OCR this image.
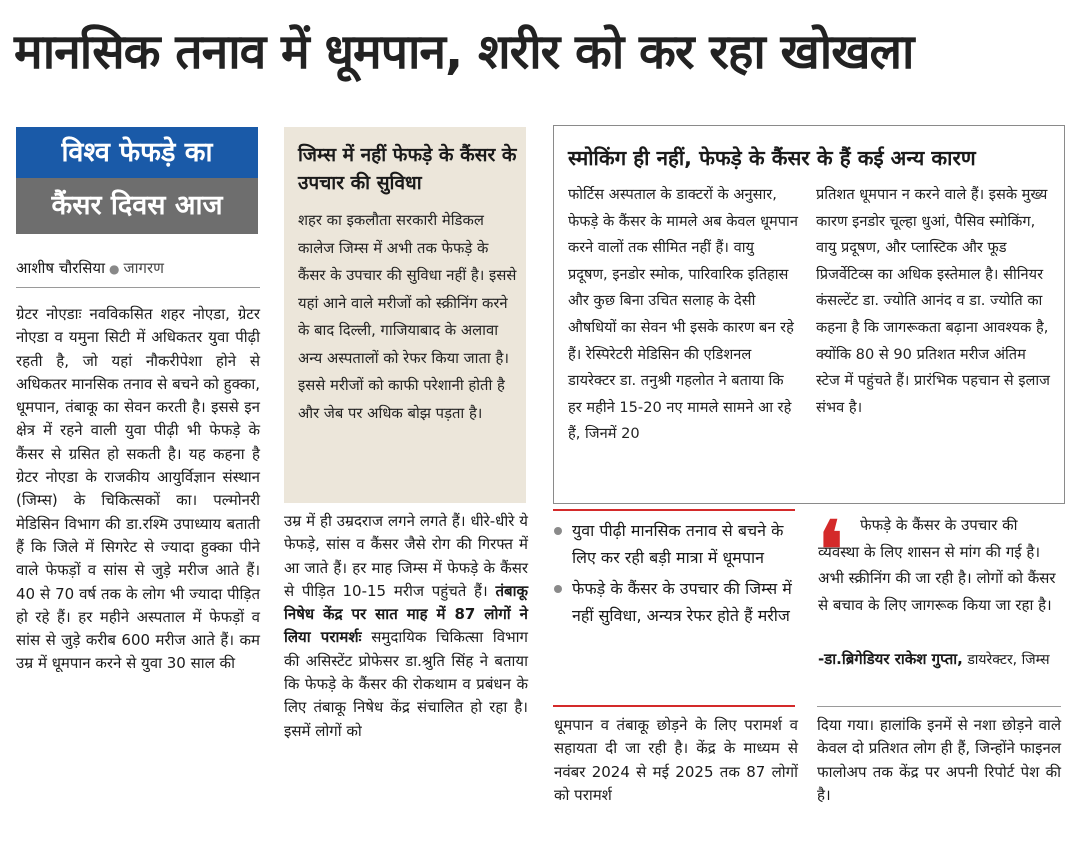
मानसिक तनाव में धूमपान, शरीर को कर रहा खोखला
विश्व फेफड़े का
कैंसर दिवस आज
आशीष चौरसिया ● जागरण
ग्रेटर नोएडाः नवविकसित शहर नोएडा, ग्रेटर नोएडा व यमुना सिटी में अधिकतर युवा पीढ़ी रहती है, जो यहां नौकरीपेशा होने से अधिकतर मानसिक तनाव से बचने को हुक्का, धूमपान, तंबाकू का सेवन करती है। इससे इन क्षेत्र में रहने वाली युवा पीढ़ी भी फेफड़े के कैंसर से ग्रसित हो सकती है। यह कहना है ग्रेटर नोएडा के राजकीय आयुर्विज्ञान संस्थान (जिम्स) के चिकित्सकों का। पल्मोनरी मेडिसिन विभाग की डा.रश्मि उपाध्याय बताती हैं कि जिले में सिगरेट से ज्यादा हुक्का पीने वाले फेफड़ों व सांस से जुड़े मरीज आते हैं। 40 से 70 वर्ष तक के लोग भी ज्यादा पीड़ित हो रहे हैं। हर महीने अस्पताल में फेफड़ों व सांस से जुड़े करीब 600 मरीज आते हैं। कम उम्र में धूमपान करने से युवा 30 साल की
जिम्स में नहीं फेफड़े के कैंसर के उपचार की सुविधा
शहर का इकलौता सरकारी मेडिकल कालेज जिम्स में अभी तक फेफड़े के कैंसर के उपचार की सुविधा नहीं है। इससे यहां आने वाले मरीजों को स्क्रीनिंग करने के बाद दिल्ली, गाजियाबाद के अलावा अन्य अस्पतालों को रेफर किया जाता है। इससे मरीजों को काफी परेशानी होती है और जेब पर अधिक बोझ पड़ता है।
उम्र में ही उम्रदराज लगने लगते हैं। धीरे-धीरे ये फेफड़े, सांस व कैंसर जैसे रोग की गिरफ्त में आ जाते हैं। हर माह जिम्स में फेफड़े के कैंसर से पीड़ित 10-15 मरीज पहुंचते हैं। तंबाकू निषेध केंद्र पर सात माह में 87 लोगों ने लिया परामर्शः समुदायिक चिकित्सा विभाग की असिस्टेंट प्रोफेसर डा.श्रुति सिंह ने बताया कि फेफड़े के कैंसर की रोकथाम व प्रबंधन के लिए तंबाकू निषेध केंद्र संचालित हो रहा है। इसमें लोगों को
स्मोकिंग ही नहीं, फेफड़े के कैंसर के हैं कई अन्य कारण
फोर्टिस अस्पताल के डाक्टरों के अनुसार, फेफड़े के कैंसर के मामले अब केवल धूमपान करने वालों तक सीमित नहीं हैं। वायु प्रदूषण, इनडोर स्मोक, पारिवारिक इतिहास और कुछ बिना उचित सलाह के देसी औषधियों का सेवन भी इसके कारण बन रहे हैं। रेस्पिरेटरी मेडिसिन की एडिशनल डायरेक्टर डा. तनुश्री गहलोत ने बताया कि हर महीने 15-20 नए मामले सामने आ रहे हैं, जिनमें 20
प्रतिशत धूमपान न करने वाले हैं। इसके मुख्य कारण इनडोर चूल्हा धुआं, पैसिव स्मोकिंग, वायु प्रदूषण, और प्लास्टिक और फूड प्रिजर्वेटिव्स का अधिक इस्तेमाल है। सीनियर कंसल्टेंट डा. ज्योति आनंद व डा. ज्योति का कहना है कि जागरूकता बढ़ाना आवश्यक है, क्योंकि 80 से 90 प्रतिशत मरीज अंतिम स्टेज में पहुंचते हैं। प्रारंभिक पहचान से इलाज संभव है।
युवा पीढ़ी मानसिक तनाव से बचने के लिए कर रही बड़ी मात्रा में धूमपान
फेफड़े के कैंसर के उपचार की जिम्स में नहीं सुविधा, अन्यत्र रेफर होते हैं मरीज
❛	फेफड़े के कैंसर के उपचार की व्यवस्था के लिए शासन से मांग की गई है। अभी स्क्रीनिंग की जा रही है। लोगों को कैंसर से बचाव के लिए जागरूक किया जा रहा है।
-डा.ब्रिगेडियर राकेश गुप्ता, डायरेक्टर, जिम्स
धूमपान व तंबाकू छोड़ने के लिए परामर्श व सहायता दी जा रही है। केंद्र के माध्यम से नवंबर 2024 से मई 2025 तक 87 लोगों को परामर्श
दिया गया। हालांकि इनमें से नशा छोड़ने वाले केवल दो प्रतिशत लोग ही हैं, जिन्होंने फाइनल फालोअप तक केंद्र पर अपनी रिपोर्ट पेश की है।
